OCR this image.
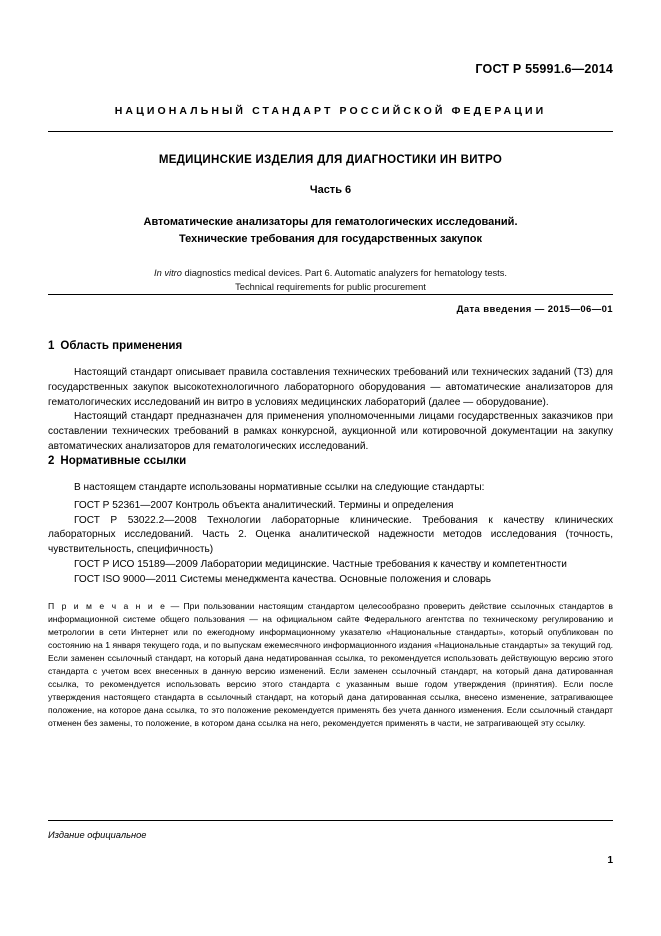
ГОСТ Р 55991.6—2014
НАЦИОНАЛЬНЫЙ СТАНДАРТ РОССИЙСКОЙ ФЕДЕРАЦИИ
МЕДИЦИНСКИЕ ИЗДЕЛИЯ ДЛЯ ДИАГНОСТИКИ ИН ВИТРО
Часть 6
Автоматические анализаторы для гематологических исследований.
Технические требования для государственных закупок
In vitro diagnostics medical devices. Part 6. Automatic analyzers for hematology tests.
Technical requirements for public procurement
Дата введения — 2015—06—01
1 Область применения

Настоящий стандарт описывает правила составления технических требований или технических заданий (ТЗ) для государственных закупок высокотехнологичного лабораторного оборудования — автоматические анализаторов для гематологических исследований ин витро в условиях медицинских лабораторий (далее — оборудование).

Настоящий стандарт предназначен для применения уполномоченными лицами государственных заказчиков при составлении технических требований в рамках конкурсной, аукционной или котировочной документации на закупку автоматических анализаторов для гематологических исследований.

2 Нормативные ссылки

В настоящем стандарте использованы нормативные ссылки на следующие стандарты:

ГОСТ Р 52361—2007 Контроль объекта аналитический. Термины и определения

ГОСТ Р 53022.2—2008 Технологии лабораторные клинические. Требования к качеству клинических лабораторных исследований. Часть 2. Оценка аналитической надежности методов исследования (точность, чувствительность, специфичность)

ГОСТ Р ИСО 15189—2009 Лаборатории медицинские. Частные требования к качеству и компетентности

ГОСТ ISO 9000—2011 Системы менеджмента качества. Основные положения и словарь

П р и м е ч а н и е — При пользовании настоящим стандартом целесообразно проверить действие ссылочных стандартов в информационной системе общего пользования — на официальном сайте Федерального агентства по техническому регулированию и метрологии в сети Интернет или по ежегодному информационному указателю «Национальные стандарты», который опубликован по состоянию на 1 января текущего года, и по выпускам ежемесячного информационного издания «Национальные стандарты» за текущий год. Если заменен ссылочный стандарт, на который дана недатированная ссылка, то рекомендуется использовать действующую версию этого стандарта с учетом всех внесенных в данную версию изменений. Если заменен ссылочный стандарт, на который дана датированная ссылка, то рекомендуется использовать версию этого стандарта с указанным выше годом утверждения (принятия). Если после утверждения настоящего стандарта в ссылочный стандарт, на который дана датированная ссылка, внесено изменение, затрагивающее положение, на которое дана ссылка, то это положение рекомендуется применять без учета данного изменения. Если ссылочный стандарт отменен без замены, то положение, в котором дана ссылка на него, рекомендуется применять в части, не затрагивающей эту ссылку.
Издание официальное
1
